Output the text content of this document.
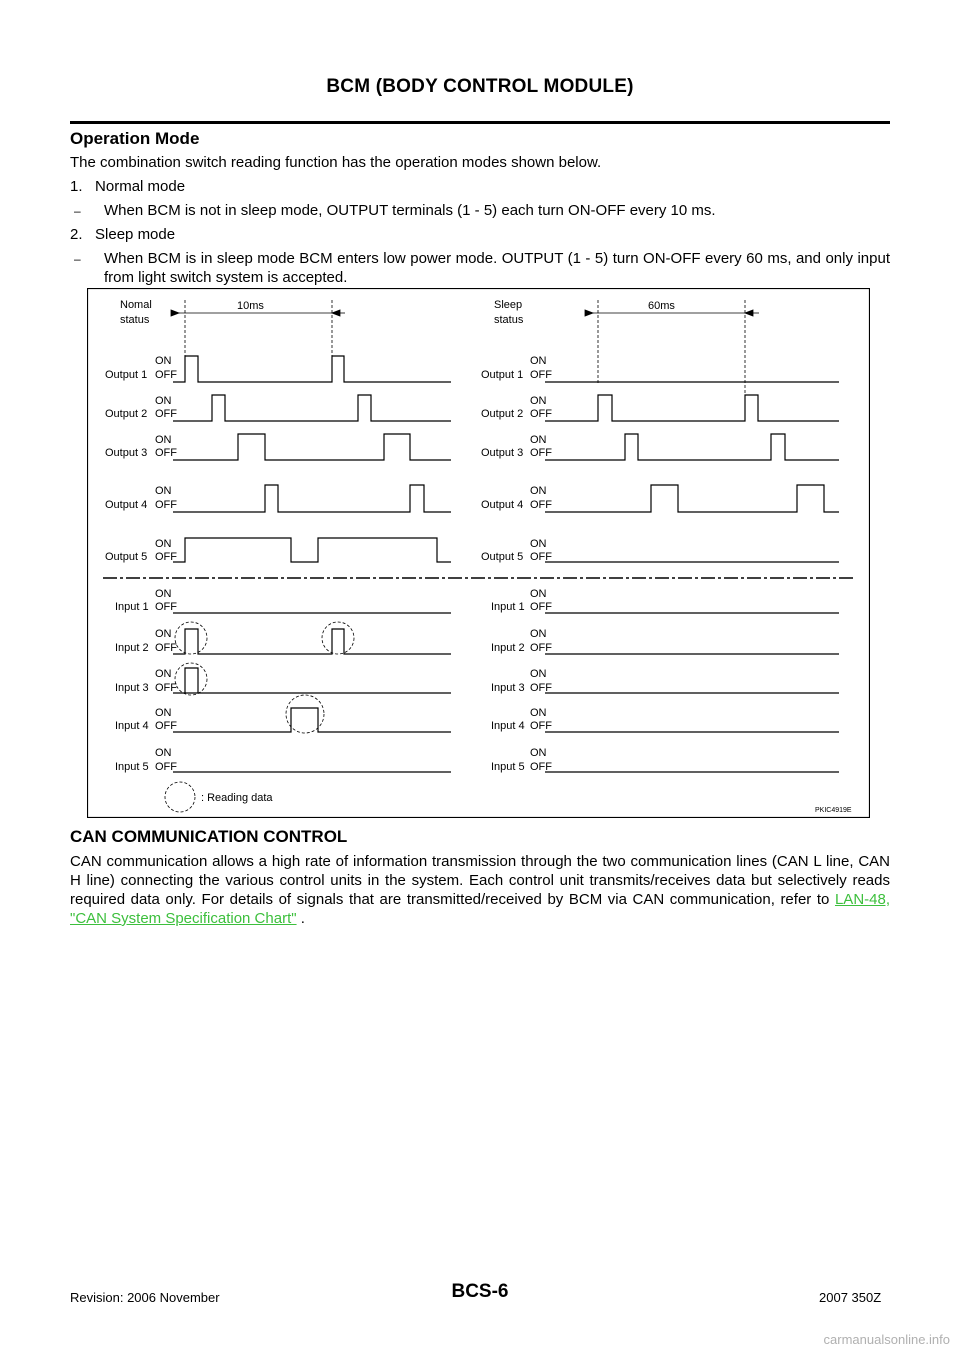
BCM (BODY CONTROL MODULE)
Operation Mode
The combination switch reading function has the operation modes shown below.
1. Normal mode
– When BCM is not in sleep mode, OUTPUT terminals (1 - 5) each turn ON-OFF every 10 ms.
2. Sleep mode
– When BCM is in sleep mode BCM enters low power mode. OUTPUT (1 - 5) turn ON-OFF every 60 ms, and only input from light switch system is accepted.
Nomal
status
10ms	Sleep
status
60ms
ON
Output 1 OFF
ON
Output 2 OFF
ON
Output 3 OFF
ON
Output 4 OFF
ON
Output 5 OFF
ON
Input 1 OFF
ON
Input 2 OFF
ON
Input 3 OFF
ON
Input 4 OFF
ON
Input 5 OFF
ON
Output 1 OFF
ON
Output 2 OFF
ON
Output 3 OFF
ON
Output 4 OFF
ON
Output 5 OFF
ON
Input 1 OFF
ON
Input 2 OFF
ON
Input 3 OFF
ON
Input 4 OFF
ON
Input 5 OFF
: Reading data
PKIC4919E
CAN COMMUNICATION CONTROL
CAN communication allows a high rate of information transmission through the two communication lines (CAN L line, CAN H line) connecting the various control units in the system. Each control unit transmits/receives data but selectively reads required data only. For details of signals that are transmitted/received by BCM via CAN communication, refer to LAN-48, "CAN System Specification Chart" .
Revision: 2006 November	BCS-6	2007 350Z
carmanualsonline.info
